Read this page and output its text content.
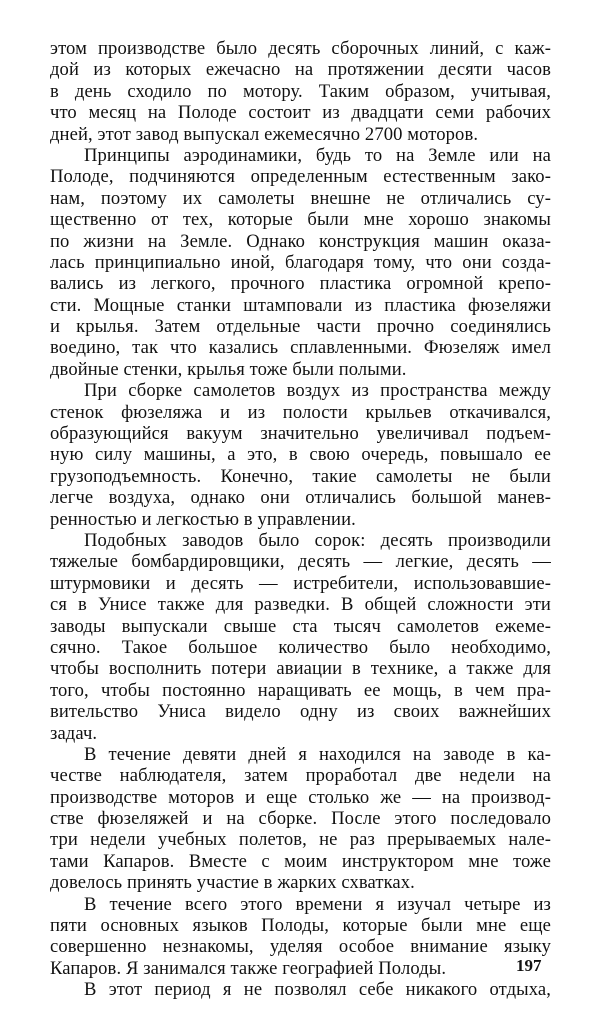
этом производстве было десять сборочных линий, с каж-
дой из которых ежечасно на протяжении десяти часов
в день сходило по мотору. Таким образом, учитывая,
что месяц на Полоде состоит из двадцати семи рабочих
дней, этот завод выпускал ежемесячно 2700 моторов.
Принципы аэродинамики, будь то на Земле или на
Полоде, подчиняются определенным естественным зако-
нам, поэтому их самолеты внешне не отличались су-
щественно от тех, которые были мне хорошо знакомы
по жизни на Земле. Однако конструкция машин оказа-
лась принципиально иной, благодаря тому, что они созда-
вались из легкого, прочного пластика огромной крепо-
сти. Мощные станки штамповали из пластика фюзеляжи
и крылья. Затем отдельные части прочно соединялись
воедино, так что казались сплавленными. Фюзеляж имел
двойные стенки, крылья тоже были полыми.
При сборке самолетов воздух из пространства между
стенок фюзеляжа и из полости крыльев откачивался,
образующийся вакуум значительно увеличивал подъем-
ную силу машины, а это, в свою очередь, повышало ее
грузоподъемность. Конечно, такие самолеты не были
легче воздуха, однако они отличались большой манев-
ренностью и легкостью в управлении.
Подобных заводов было сорок: десять производили
тяжелые бомбардировщики, десять — легкие, десять —
штурмовики и десять — истребители, использовавшие-
ся в Унисе также для разведки. В общей сложности эти
заводы выпускали свыше ста тысяч самолетов ежеме-
сячно. Такое большое количество было необходимо,
чтобы восполнить потери авиации в технике, а также для
того, чтобы постоянно наращивать ее мощь, в чем пра-
вительство Униса видело одну из своих важнейших
задач.
В течение девяти дней я находился на заводе в ка-
честве наблюдателя, затем проработал две недели на
производстве моторов и еще столько же — на производ-
стве фюзеляжей и на сборке. После этого последовало
три недели учебных полетов, не раз прерываемых нале-
тами Капаров. Вместе с моим инструктором мне тоже
довелось принять участие в жарких схватках.
В течение всего этого времени я изучал четыре из
пяти основных языков Полоды, которые были мне еще
совершенно незнакомы, уделяя особое внимание языку
Капаров. Я занимался также географией Полоды.
В этот период я не позволял себе никакого отдыха,
197
